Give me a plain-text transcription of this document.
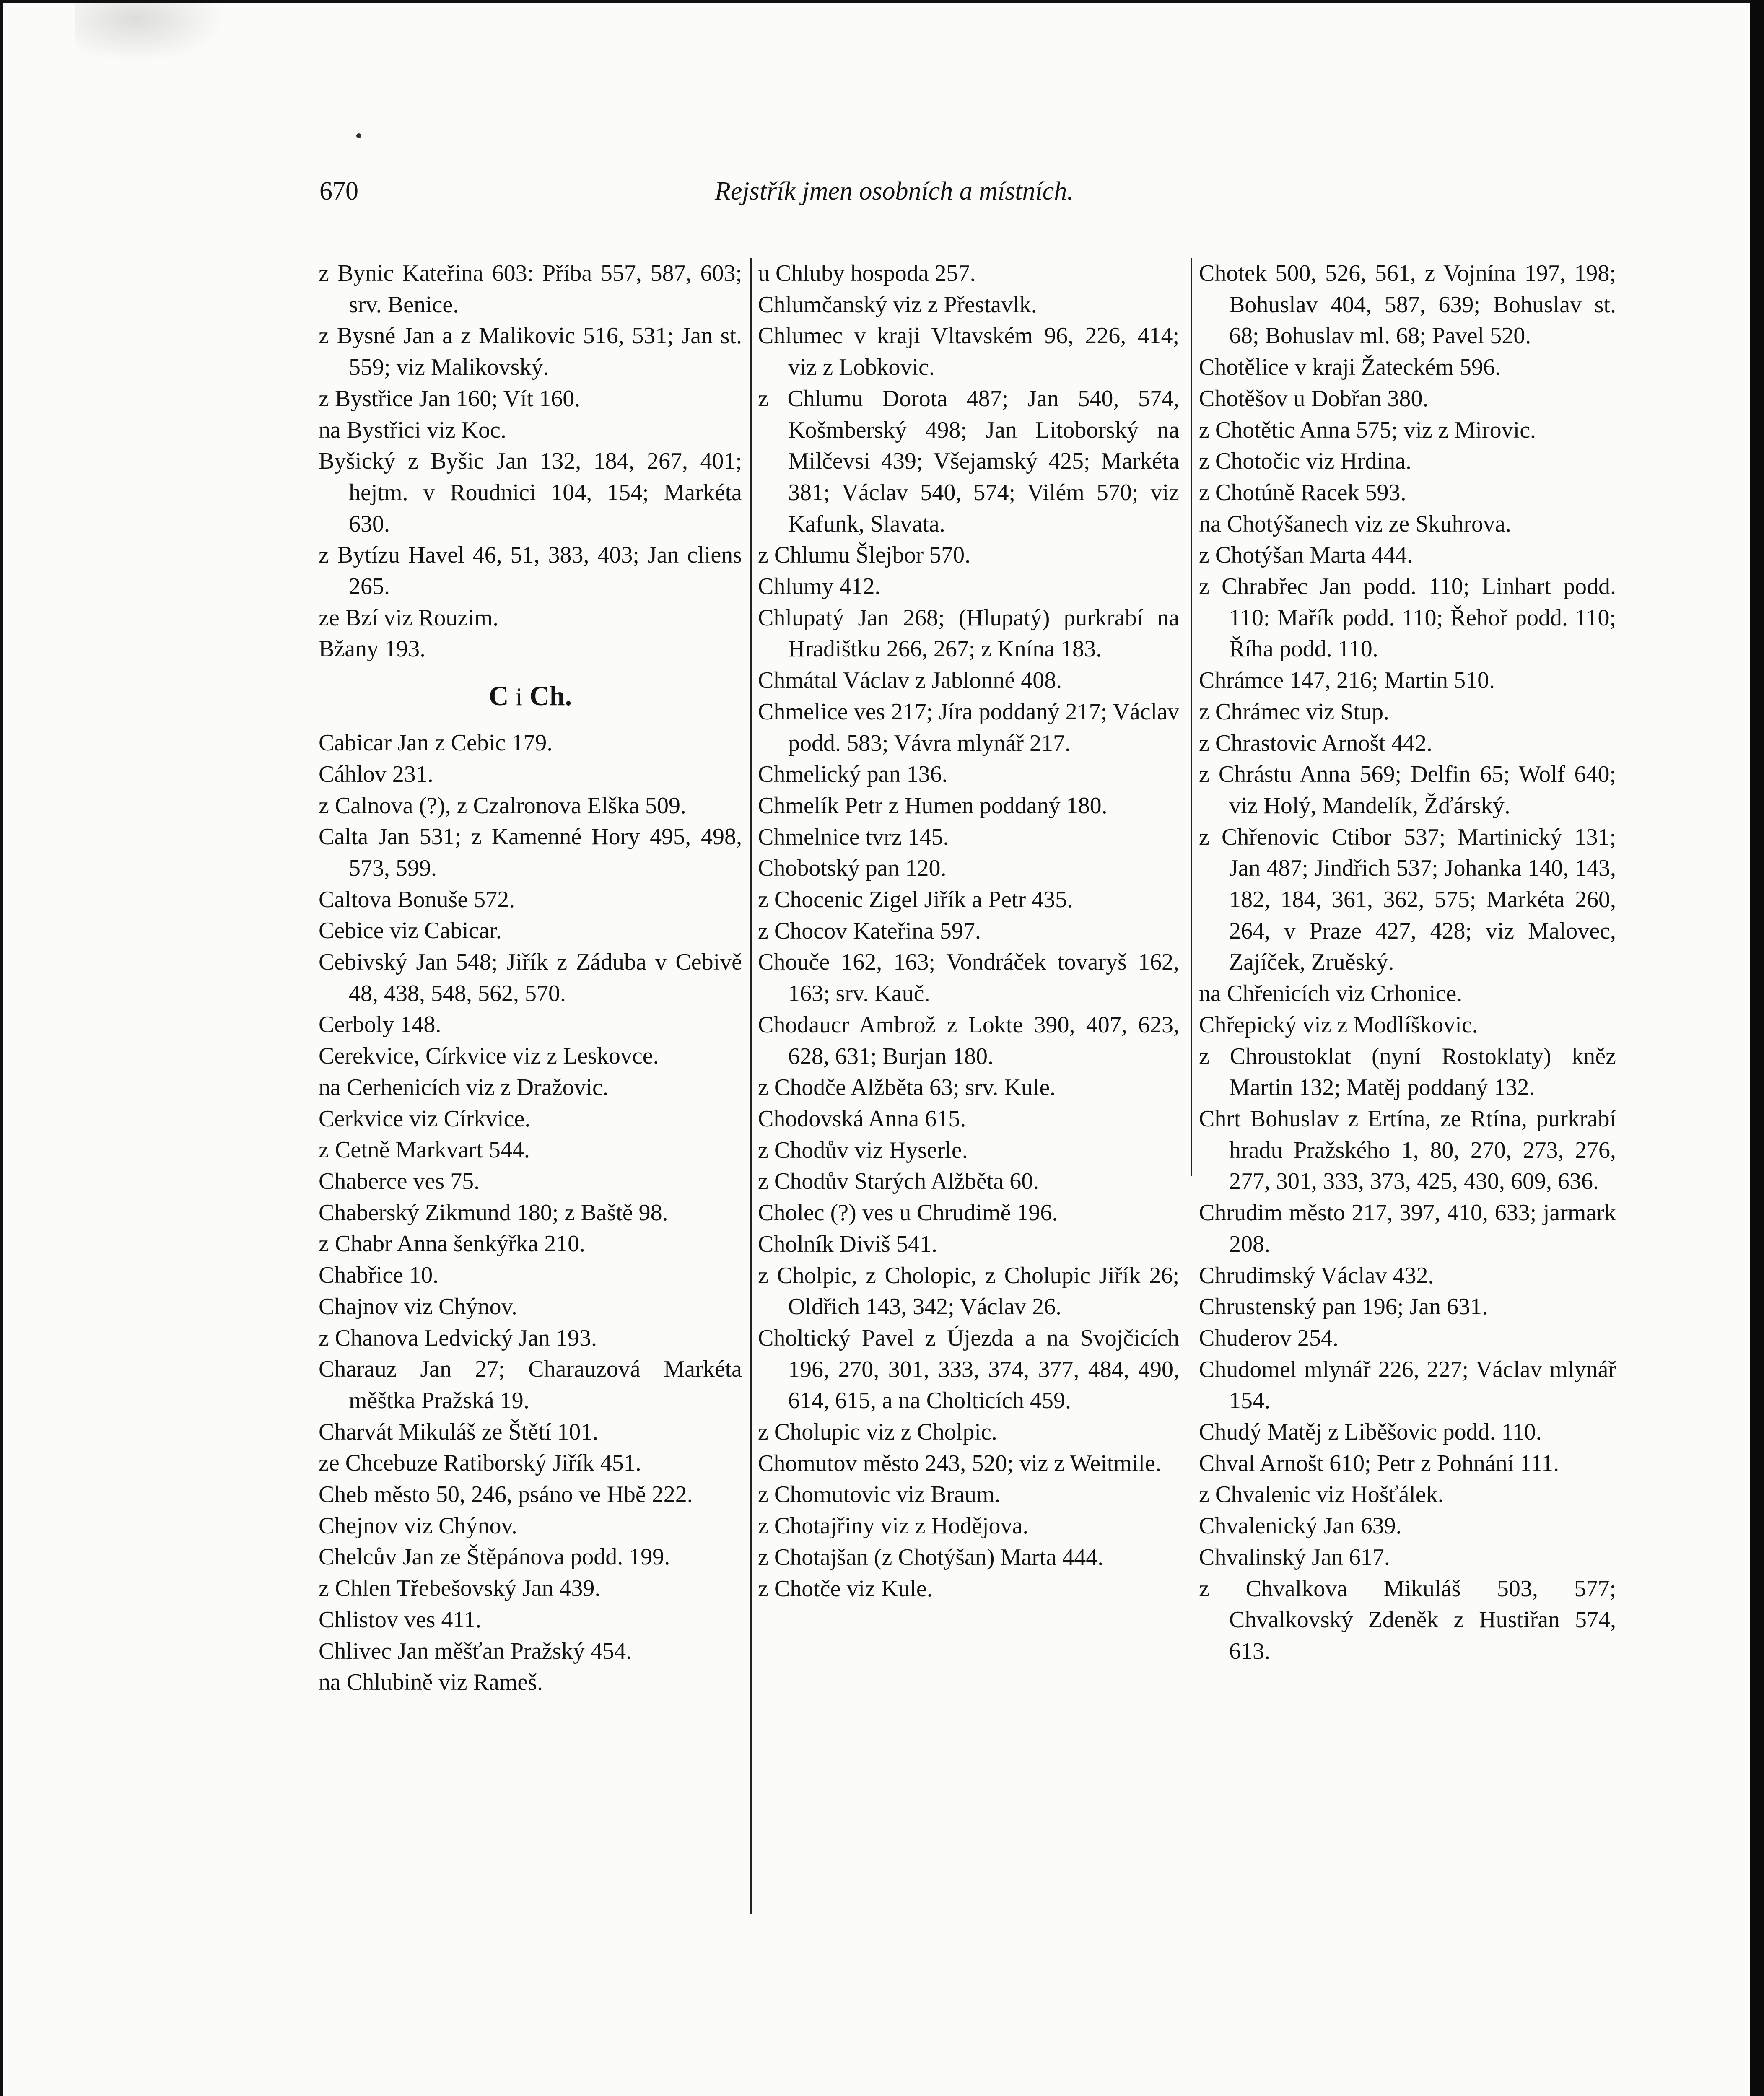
670	Rejstřík jmen osobních a místních.
z Bynic Kateřina 603: Příba 557, 587, 603; srv. Benice.
z Bysné Jan a z Malikovic 516, 531; Jan st. 559; viz Malikovský.
z Bystřice Jan 160; Vít 160.
na Bystřici viz Koc.
Byšický z Byšic Jan 132, 184, 267, 401; hejtm. v Roudnici 104, 154; Markéta 630.
z Bytízu Havel 46, 51, 383, 403; Jan cliens 265.
ze Bzí viz Rouzim.
Bžany 193.
C i Ch.
Cabicar Jan z Cebic 179.
Cáhlov 231.
z Calnova (?), z Czalronova Elška 509.
Calta Jan 531; z Kamenné Hory 495, 498, 573, 599.
Caltova Bonuše 572.
Cebice viz Cabicar.
Cebivský Jan 548; Jiřík z Záduba v Cebivě 48, 438, 548, 562, 570.
Cerboly 148.
Cerekvice, Církvice viz z Leskovce.
na Cerhenicích viz z Dražovic.
Cerkvice viz Církvice.
z Cetně Markvart 544.
Chaberce ves 75.
Chaberský Zikmund 180; z Baště 98.
z Chabr Anna šenkýřka 210.
Chabřice 10.
Chajnov viz Chýnov.
z Chanova Ledvický Jan 193.
Charauz Jan 27; Charauzová Markéta měštka Pražská 19.
Charvát Mikuláš ze Štětí 101.
ze Chcebuze Ratiborský Jiřík 451.
Cheb město 50, 246, psáno ve Hbě 222.
Chejnov viz Chýnov.
Chelcův Jan ze Štěpánova podd. 199.
z Chlen Třebešovský Jan 439.
Chlistov ves 411.
Chlivec Jan měšťan Pražský 454.
na Chlubině viz Rameš.
u Chluby hospoda 257.
Chlumčanský viz z Přestavlk.
Chlumec v kraji Vltavském 96, 226, 414; viz z Lobkovic.
z Chlumu Dorota 487; Jan 540, 574, Košmberský 498; Jan Litoborský na Milčevsi 439; Všejamský 425; Markéta 381; Václav 540, 574; Vilém 570; viz Kafunk, Slavata.
z Chlumu Šlejbor 570.
Chlumy 412.
Chlupatý Jan 268; (Hlupatý) purkrabí na Hradištku 266, 267; z Knína 183.
Chmátal Václav z Jablonné 408.
Chmelice ves 217; Jíra poddaný 217; Václav podd. 583; Vávra mlynář 217.
Chmelický pan 136.
Chmelík Petr z Humen poddaný 180.
Chmelnice tvrz 145.
Chobotský pan 120.
z Chocenic Zigel Jiřík a Petr 435.
z Chocov Kateřina 597.
Chouče 162, 163; Vondráček tovaryš 162, 163; srv. Kauč.
Chodaucr Ambrož z Lokte 390, 407, 623, 628, 631; Burjan 180.
z Chodče Alžběta 63; srv. Kule.
Chodovská Anna 615.
z Chodův viz Hyserle.
z Chodův Starých Alžběta 60.
Cholec (?) ves u Chrudimě 196.
Cholník Diviš 541.
z Cholpic, z Cholopic, z Cholupic Jiřík 26; Oldřich 143, 342; Václav 26.
Choltický Pavel z Újezda a na Svojčicích 196, 270, 301, 333, 374, 377, 484, 490, 614, 615, a na Cholticích 459.
z Cholupic viz z Cholpic.
Chomutov město 243, 520; viz z Weitmile.
z Chomutovic viz Braum.
z Chotajřiny viz z Hodějova.
z Chotajšan (z Chotýšan) Marta 444.
z Chotče viz Kule.
Chotek 500, 526, 561, z Vojnína 197, 198; Bohuslav 404, 587, 639; Bohuslav st. 68; Bohuslav ml. 68; Pavel 520.
Chotělice v kraji Žateckém 596.
Chotěšov u Dobřan 380.
z Chotětic Anna 575; viz z Mirovic.
z Chotočic viz Hrdina.
z Chotúně Racek 593.
na Chotýšanech viz ze Skuhrova.
z Chotýšan Marta 444.
z Chrabřec Jan podd. 110; Linhart podd. 110: Mařík podd. 110; Řehoř podd. 110; Říha podd. 110.
Chrámce 147, 216; Martin 510.
z Chrámec viz Stup.
z Chrastovic Arnošt 442.
z Chrástu Anna 569; Delfin 65; Wolf 640; viz Holý, Mandelík, Žďárský.
z Chřenovic Ctibor 537; Martinický 131; Jan 487; Jindřich 537; Johanka 140, 143, 182, 184, 361, 362, 575; Markéta 260, 264, v Praze 427, 428; viz Malovec, Zajíček, Zruěský.
na Chřenicích viz Crhonice.
Chřepický viz z Modlíškovic.
z Chroustoklat (nyní Rostoklaty) kněz Martin 132; Matěj poddaný 132.
Chrt Bohuslav z Ertína, ze Rtína, purkrabí hradu Pražského 1, 80, 270, 273, 276, 277, 301, 333, 373, 425, 430, 609, 636.
Chrudim město 217, 397, 410, 633; jarmark 208.
Chrudimský Václav 432.
Chrustenský pan 196; Jan 631.
Chuderov 254.
Chudomel mlynář 226, 227; Václav mlynář 154.
Chudý Matěj z Liběšovic podd. 110.
Chval Arnošt 610; Petr z Pohnání 111.
z Chvalenic viz Hošťálek.
Chvalenický Jan 639.
Chvalinský Jan 617.
z Chvalkova Mikuláš 503, 577; Chvalkovský Zdeněk z Hustiřan 574, 613.
